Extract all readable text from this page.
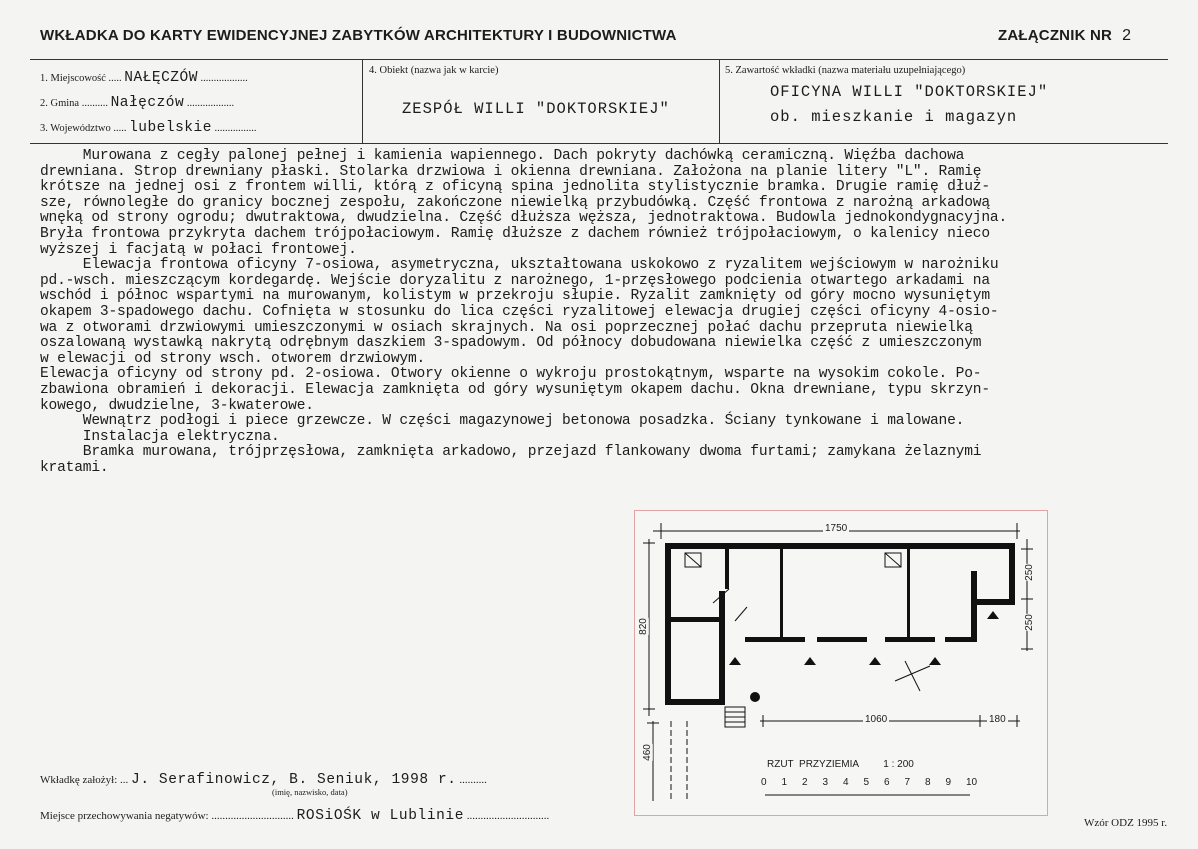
WKŁADKA DO KARTY EWIDENCYJNEJ ZABYTKÓW ARCHITEKTURY I BUDOWNICTWA	ZAŁĄCZNIK NR 2
1. Miejscowość ..... NAŁĘCZÓW ..................
2. Gmina .......... Nałęczów ..................
3. Województwo ..... lubelskie ................
4. Obiekt (nazwa jak w karcie)
ZESPÓŁ WILLI "DOKTORSKIEJ"
5. Zawartość wkładki (nazwa materiału uzupełniającego)
OFICYNA WILLI "DOKTORSKIEJ"
ob. mieszkanie i magazyn

Murowana z cegły palonej pełnej i kamienia wapiennego. Dach pokryty dachówką ceramiczną. Więźba dachowa

drewniana. Strop drewniany płaski. Stolarka drzwiowa i okienna drewniana. Założona na planie litery "L". Ramię

krótsze na jednej osi z frontem willi, którą z oficyną spina jednolita stylistycznie bramka. Drugie ramię dłuż-

sze, równoległe do granicy bocznej zespołu, zakończone niewielką przybudówką. Część frontowa z narożną arkadową

wnęką od strony ogrodu; dwutraktowa, dwudzielna. Część dłuższa węższa, jednotraktowa. Budowla jednokondygnacyjna.

Bryła frontowa przykryta dachem trójpołaciowym. Ramię dłuższe z dachem również trójpołaciowym, o kalenicy nieco

wyższej i facjatą w połaci frontowej.

Elewacja frontowa oficyny 7-osiowa, asymetryczna, ukształtowana uskokowo z ryzalitem wejściowym w narożniku

pd.-wsch. mieszczącym kordegardę. Wejście doryzalitu z narożnego, 1-przęsłowego podcienia otwartego arkadami na

wschód i północ wspartymi na murowanym, kolistym w przekroju słupie. Ryzalit zamknięty od góry mocno wysuniętym

okapem 3-spadowego dachu. Cofnięta w stosunku do lica części ryzalitowej elewacja drugiej części oficyny 4-osio-

wa z otworami drzwiowymi umieszczonymi w osiach skrajnych. Na osi poprzecznej połać dachu przepruta niewielką

oszalowaną wystawką nakrytą odrębnym daszkiem 3-spadowym. Od północy dobudowana niewielka część z umieszczonym

w elewacji od strony wsch. otworem drzwiowym.

Elewacja oficyny od strony pd. 2-osiowa. Otwory okienne o wykroju prostokątnym, wsparte na wysokim cokole. Po-

zbawiona obramień i dekoracji. Elewacja zamknięta od góry wysuniętym okapem dachu. Okna drewniane, typu skrzyn-

kowego, dwudzielne, 3-kwaterowe.

Wewnątrz podłogi i piece grzewcze. W części magazynowej betonowa posadzka. Ściany tynkowane i malowane.

Instalacja elektryczna.

Bramka murowana, trójprzęsłowa, zamknięta arkadowo, przejazd flankowany dwoma furtami; zamykana żelaznymi

kratami.

1750
820
250
250
1060	180
460
RZUT  PRZYZIEMIA 1 : 200
0	1	2	3	4	5	6	7	8	9	10
Wkładkę założył: ... J. Serafinowicz, B. Seniuk, 1998 r. ..........
(imię, nazwisko, data)
Miejsce przechowywania negatywów: .............................. ROSiOŚK w Lublinie ..............................
Wzór ODZ 1995 r.
